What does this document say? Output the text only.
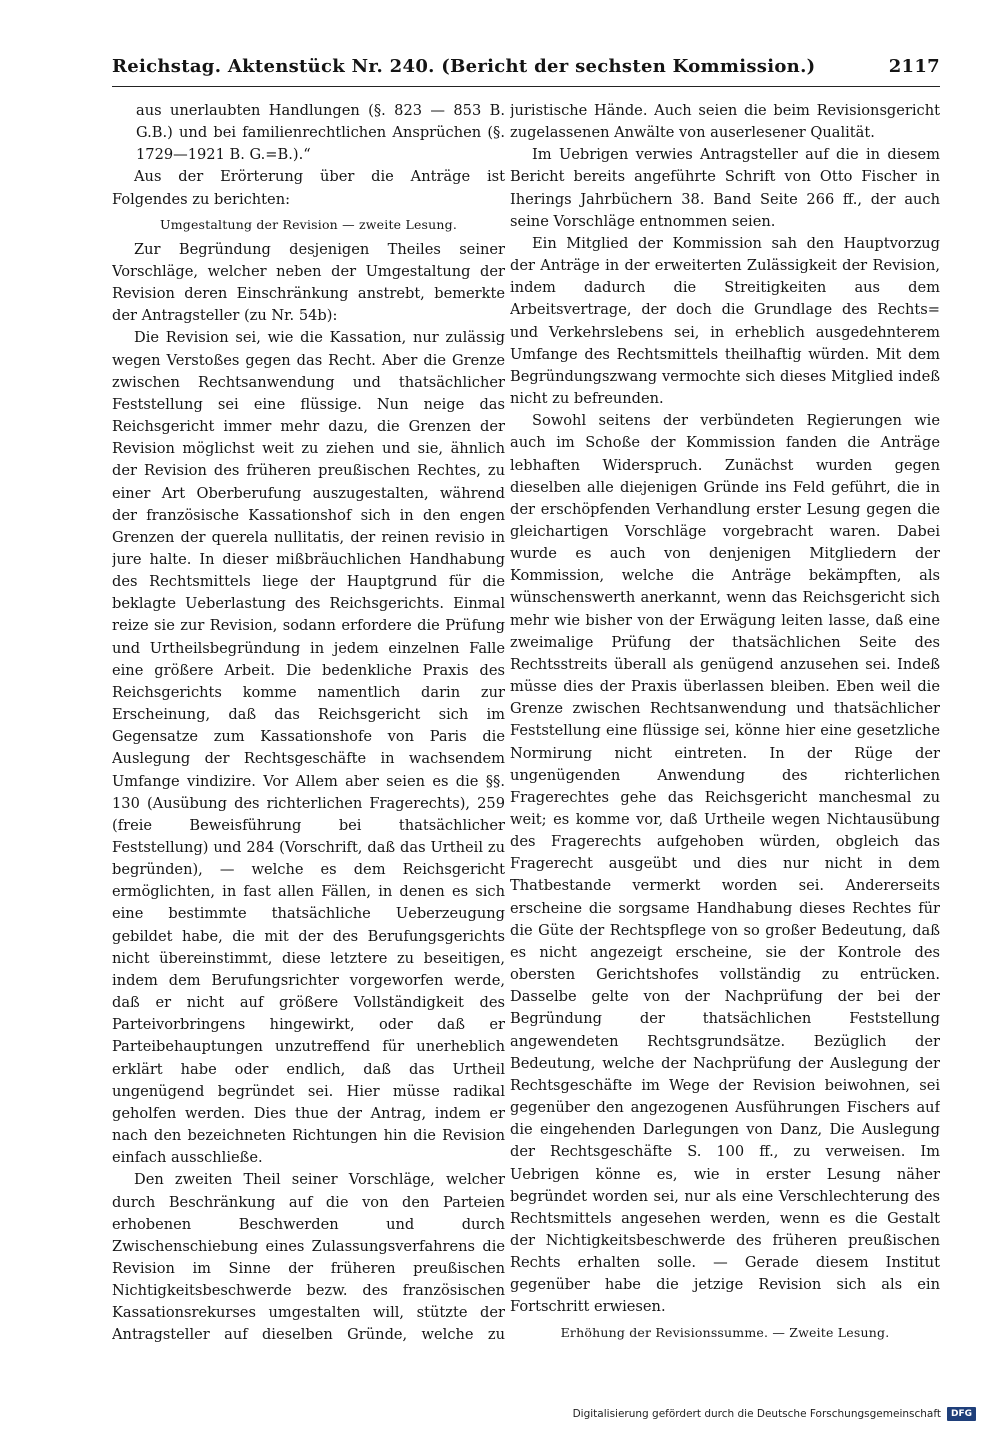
Reichstag. Aktenstück Nr. 240. (Bericht der sechsten Kommission.)	2117

aus unerlaubten Handlungen (§. 823 — 853 B. G.B.) und bei familienrechtlichen Ansprüchen (§. 1729—1921 B. G.=B.).“

Aus der Erörterung über die Anträge ist Folgendes zu berichten:

Umgestaltung der Revision — zweite Lesung.

Zur Begründung desjenigen Theiles seiner Vorschläge, welcher neben der Umgestaltung der Revision deren Einschränkung anstrebt, bemerkte der Antragsteller (zu Nr. 54b):

Die Revision sei, wie die Kassation, nur zulässig wegen Verstoßes gegen das Recht. Aber die Grenze zwischen Rechtsanwendung und thatsächlicher Feststellung sei eine flüssige. Nun neige das Reichsgericht immer mehr dazu, die Grenzen der Revision möglichst weit zu ziehen und sie, ähnlich der Revision des früheren preußischen Rechtes, zu einer Art Oberberufung auszugestalten, während der französische Kassationshof sich in den engen Grenzen der querela nullitatis, der reinen revisio in jure halte. In dieser mißbräuchlichen Handhabung des Rechtsmittels liege der Hauptgrund für die beklagte Ueberlastung des Reichsgerichts. Einmal reize sie zur Revision, sodann erfordere die Prüfung und Urtheilsbegründung in jedem einzelnen Falle eine größere Arbeit. Die bedenkliche Praxis des Reichsgerichts komme namentlich darin zur Erscheinung, daß das Reichsgericht sich im Gegensatze zum Kassationshofe von Paris die Auslegung der Rechtsgeschäfte in wachsendem Umfange vindizire. Vor Allem aber seien es die §§. 130 (Ausübung des richterlichen Fragerechts), 259 (freie Beweisführung bei thatsächlicher Feststellung) und 284 (Vorschrift, daß das Urtheil zu begründen), — welche es dem Reichsgericht ermöglichten, in fast allen Fällen, in denen es sich eine bestimmte thatsächliche Ueberzeugung gebildet habe, die mit der des Berufungsgerichts nicht übereinstimmt, diese letztere zu beseitigen, indem dem Berufungsrichter vorgeworfen werde, daß er nicht auf größere Vollständigkeit des Parteivorbringens hingewirkt, oder daß er Parteibehauptungen unzutreffend für unerheblich erklärt habe oder endlich, daß das Urtheil ungenügend begründet sei. Hier müsse radikal geholfen werden. Dies thue der Antrag, indem er nach den bezeichneten Richtungen hin die Revision einfach ausschließe.

Den zweiten Theil seiner Vorschläge, welcher durch Beschränkung auf die von den Parteien erhobenen Beschwerden und durch Zwischenschiebung eines Zulassungsverfahrens die Revision im Sinne der früheren preußischen Nichtigkeitsbeschwerde bezw. des französischen Kassationsrekurses umgestalten will, stützte der Antragsteller auf dieselben Gründe, welche zu

juristische Hände. Auch seien die beim Revisionsgericht zugelassenen Anwälte von auserlesener Qualität.

Im Uebrigen verwies Antragsteller auf die in diesem Bericht bereits angeführte Schrift von Otto Fischer in Iherings Jahrbüchern 38. Band Seite 266 ff., der auch seine Vorschläge entnommen seien.

Ein Mitglied der Kommission sah den Hauptvorzug der Anträge in der erweiterten Zulässigkeit der Revision, indem dadurch die Streitigkeiten aus dem Arbeitsvertrage, der doch die Grundlage des Rechts= und Verkehrslebens sei, in erheblich ausgedehnterem Umfange des Rechtsmittels theilhaftig würden. Mit dem Begründungszwang vermochte sich dieses Mitglied indeß nicht zu befreunden.

Sowohl seitens der verbündeten Regierungen wie auch im Schoße der Kommission fanden die Anträge lebhaften Widerspruch. Zunächst wurden gegen dieselben alle diejenigen Gründe ins Feld geführt, die in der erschöpfenden Verhandlung erster Lesung gegen die gleichartigen Vorschläge vorgebracht waren. Dabei wurde es auch von denjenigen Mitgliedern der Kommission, welche die Anträge bekämpften, als wünschenswerth anerkannt, wenn das Reichsgericht sich mehr wie bisher von der Erwägung leiten lasse, daß eine zweimalige Prüfung der thatsächlichen Seite des Rechtsstreits überall als genügend anzusehen sei. Indeß müsse dies der Praxis überlassen bleiben. Eben weil die Grenze zwischen Rechtsanwendung und thatsächlicher Feststellung eine flüssige sei, könne hier eine gesetzliche Normirung nicht eintreten. In der Rüge der ungenügenden Anwendung des richterlichen Fragerechtes gehe das Reichsgericht manchesmal zu weit; es komme vor, daß Urtheile wegen Nichtausübung des Fragerechts aufgehoben würden, obgleich das Fragerecht ausgeübt und dies nur nicht in dem Thatbestande vermerkt worden sei. Andererseits erscheine die sorgsame Handhabung dieses Rechtes für die Güte der Rechtspflege von so großer Bedeutung, daß es nicht angezeigt erscheine, sie der Kontrole des obersten Gerichtshofes vollständig zu entrücken. Dasselbe gelte von der Nachprüfung der bei der Begründung der thatsächlichen Feststellung angewendeten Rechtsgrundsätze. Bezüglich der Bedeutung, welche der Nachprüfung der Auslegung der Rechtsgeschäfte im Wege der Revision beiwohnen, sei gegenüber den angezogenen Ausführungen Fischers auf die eingehenden Darlegungen von Danz, Die Auslegung der Rechtsgeschäfte S. 100 ff., zu verweisen. Im Uebrigen könne es, wie in erster Lesung näher begründet worden sei, nur als eine Verschlechterung des Rechtsmittels angesehen werden, wenn es die Gestalt der Nichtigkeitsbeschwerde des früheren preußischen Rechts erhalten solle. — Gerade diesem Institut gegenüber habe die jetzige Revision sich als ein Fortschritt erwiesen.

Erhöhung der Revisionssumme. — Zweite Lesung.

Digitalisierung gefördert durch die Deutsche Forschungsgemeinschaft	DFG
